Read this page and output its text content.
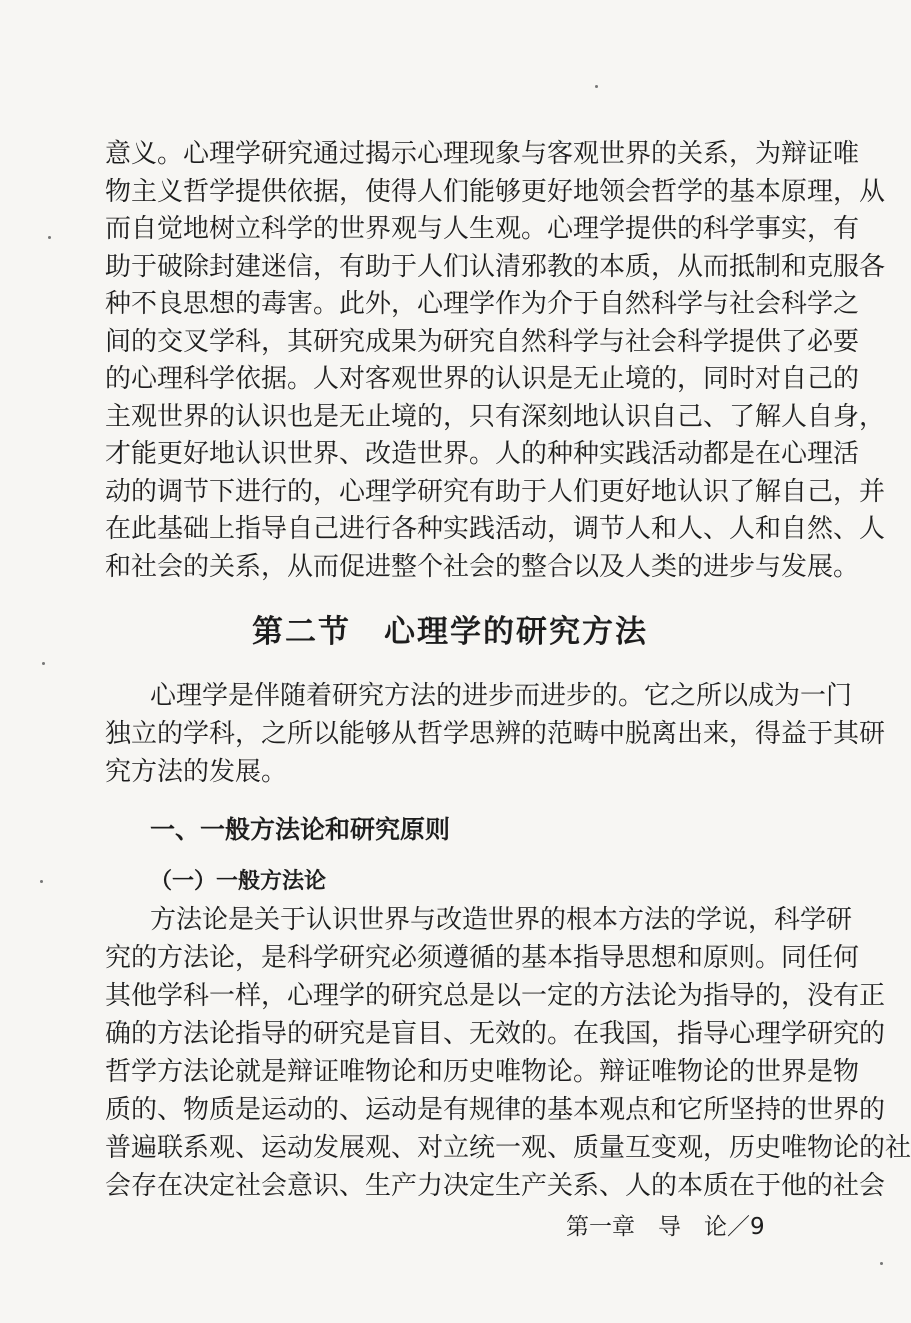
意义。心理学研究通过揭示心理现象与客观世界的关系，为辩证唯
物主义哲学提供依据，使得人们能够更好地领会哲学的基本原理，从
而自觉地树立科学的世界观与人生观。心理学提供的科学事实，有
助于破除封建迷信，有助于人们认清邪教的本质，从而抵制和克服各
种不良思想的毒害。此外，心理学作为介于自然科学与社会科学之
间的交叉学科，其研究成果为研究自然科学与社会科学提供了必要
的心理科学依据。人对客观世界的认识是无止境的，同时对自己的
主观世界的认识也是无止境的，只有深刻地认识自己、了解人自身，
才能更好地认识世界、改造世界。人的种种实践活动都是在心理活
动的调节下进行的，心理学研究有助于人们更好地认识了解自己，并
在此基础上指导自己进行各种实践活动，调节人和人、人和自然、人
和社会的关系，从而促进整个社会的整合以及人类的进步与发展。
第二节　心理学的研究方法
心理学是伴随着研究方法的进步而进步的。它之所以成为一门
独立的学科，之所以能够从哲学思辨的范畴中脱离出来，得益于其研
究方法的发展。
一、一般方法论和研究原则
（一）一般方法论
方法论是关于认识世界与改造世界的根本方法的学说，科学研
究的方法论，是科学研究必须遵循的基本指导思想和原则。同任何
其他学科一样，心理学的研究总是以一定的方法论为指导的，没有正
确的方法论指导的研究是盲目、无效的。在我国，指导心理学研究的
哲学方法论就是辩证唯物论和历史唯物论。辩证唯物论的世界是物
质的、物质是运动的、运动是有规律的基本观点和它所坚持的世界的
普遍联系观、运动发展观、对立统一观、质量互变观，历史唯物论的社
会存在决定社会意识、生产力决定生产关系、人的本质在于他的社会
第一章　导　论／9
